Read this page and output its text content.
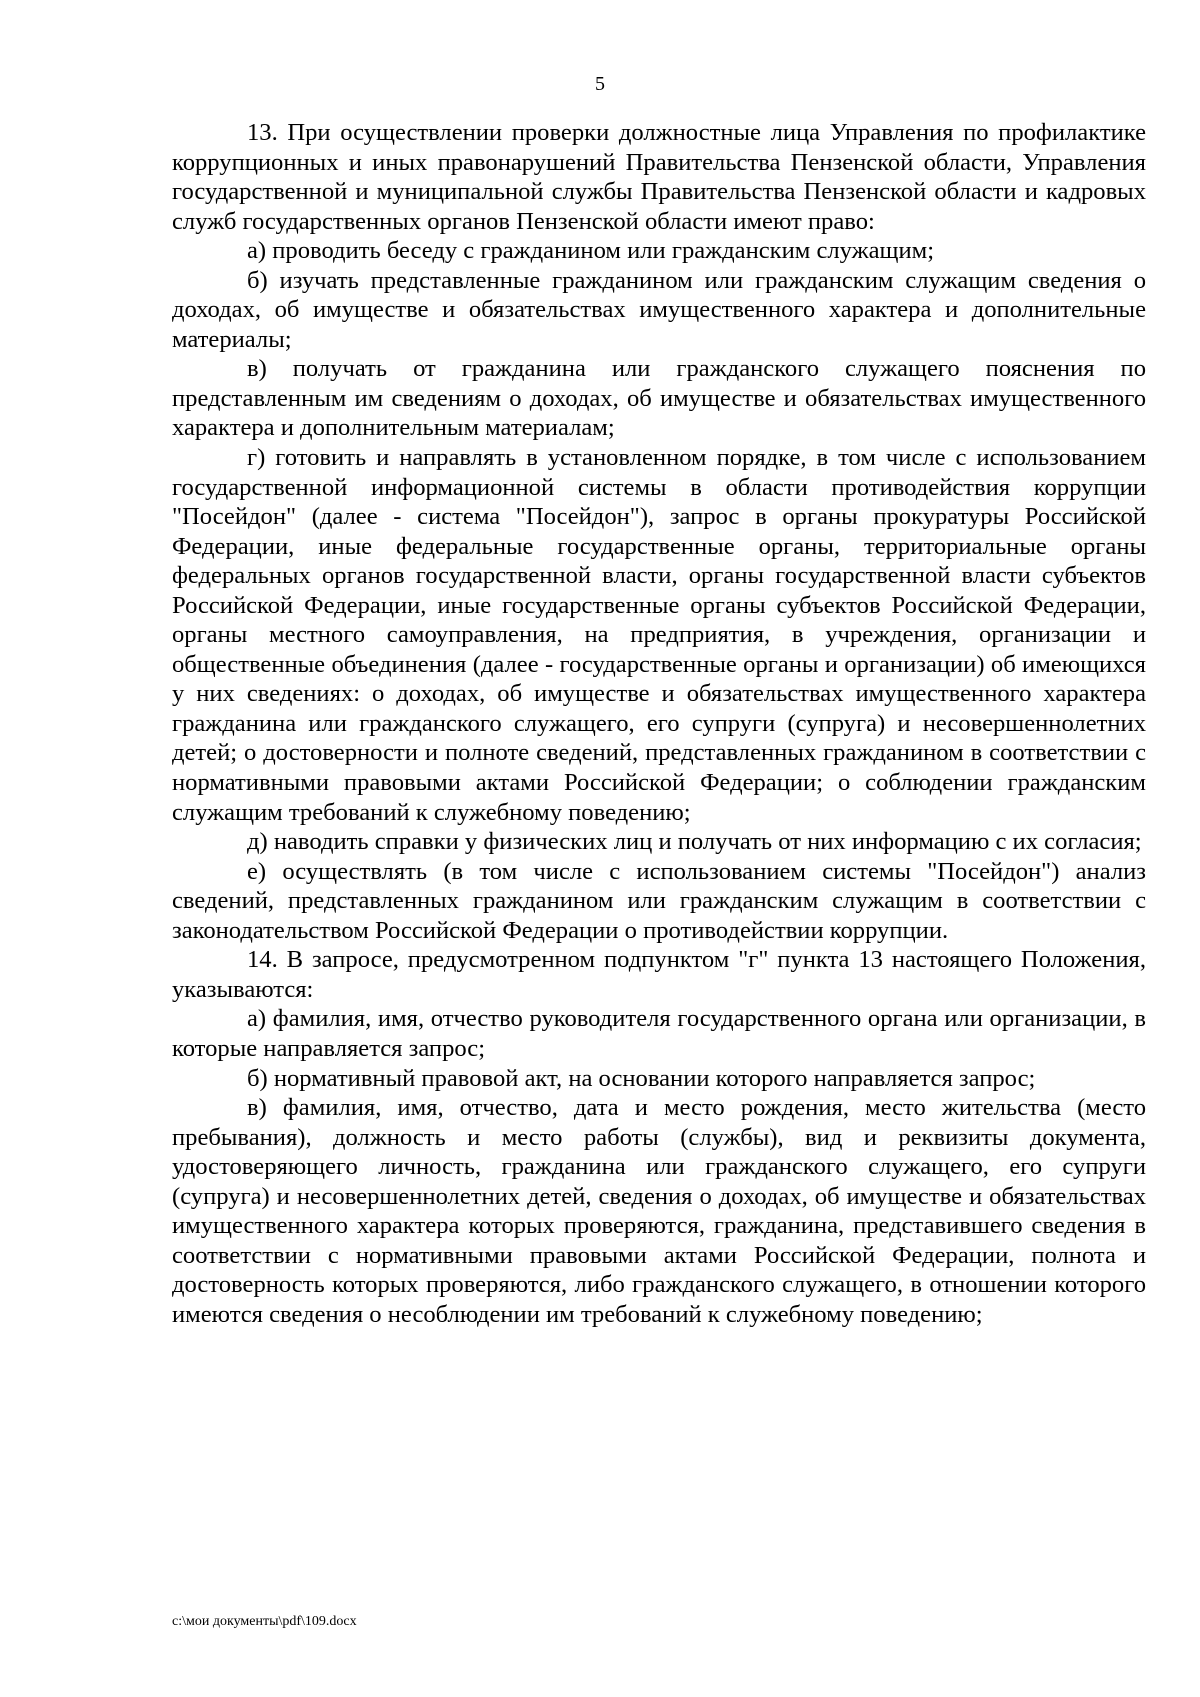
5

13. При осуществлении проверки должностные лица Управления по профилактике коррупционных и иных правонарушений Правительства Пензенской области, Управления государственной и муниципальной службы Правительства Пензенской области и кадровых служб государственных органов Пензенской области имеют право:

а) проводить беседу с гражданином или гражданским служащим;

б) изучать представленные гражданином или гражданским служащим сведения о доходах, об имуществе и обязательствах имущественного характера и дополнительные материалы;

в) получать от гражданина или гражданского служащего пояснения по представленным им сведениям о доходах, об имуществе и обязательствах имущественного характера и дополнительным материалам;

г) готовить и направлять в установленном порядке, в том числе с использованием государственной информационной системы в области противодействия коррупции "Посейдон" (далее - система "Посейдон"), запрос в органы прокуратуры Российской Федерации, иные федеральные государственные органы, территориальные органы федеральных органов государственной власти, органы государственной власти субъектов Российской Федерации, иные государственные органы субъектов Российской Федерации, органы местного самоуправления, на предприятия, в учреждения, организации и общественные объединения (далее - государственные органы и организации) об имеющихся у них сведениях: о доходах, об имуществе и обязательствах имущественного характера гражданина или гражданского служащего, его супруги (супруга) и несовершеннолетних детей; о достоверности и полноте сведений, представленных гражданином в соответствии с нормативными правовыми актами Российской Федерации; о соблюдении гражданским служащим требований к служебному поведению;

д) наводить справки у физических лиц и получать от них информацию с их согласия;

е) осуществлять (в том числе с использованием системы "Посейдон") анализ сведений, представленных гражданином или гражданским служащим в соответствии с законодательством Российской Федерации о противодействии коррупции.

14. В запросе, предусмотренном подпунктом "г" пункта 13 настоящего Положения, указываются:

а) фамилия, имя, отчество руководителя государственного органа или организации, в которые направляется запрос;

б) нормативный правовой акт, на основании которого направляется запрос;

в) фамилия, имя, отчество, дата и место рождения, место жительства (место пребывания), должность и место работы (службы), вид и реквизиты документа, удостоверяющего личность, гражданина или гражданского служащего, его супруги (супруга) и несовершеннолетних детей, сведения о доходах, об имуществе и обязательствах имущественного характера которых проверяются, гражданина, представившего сведения в соответствии с нормативными правовыми актами Российской Федерации, полнота и достоверность которых проверяются, либо гражданского служащего, в отношении которого имеются сведения о несоблюдении им требований к служебному поведению;

c:\мои документы\pdf\109.docx
